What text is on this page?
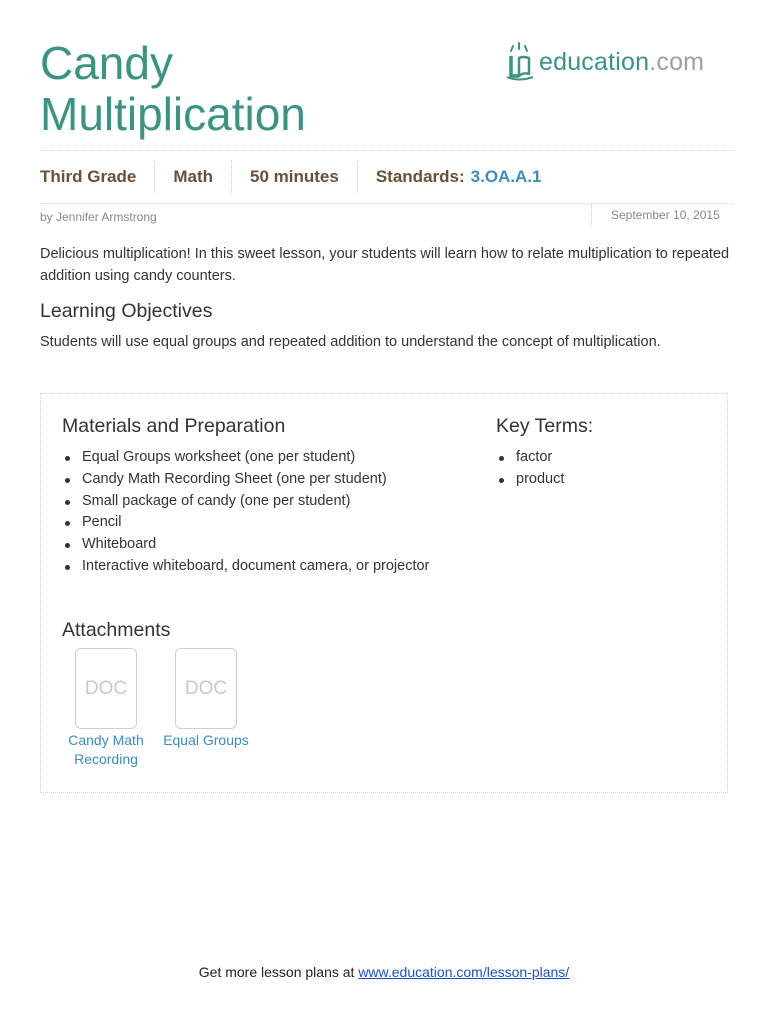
Candy
Multiplication
education.com
Third Grade Math 50 minutes Standards: 3.OA.A.1
by Jennifer Armstrong	September 10, 2015

Delicious multiplication! In this sweet lesson, your students will learn how to relate multiplication to repeated addition using candy counters.

Learning Objectives

Students will use equal groups and repeated addition to understand the concept of multiplication.

Materials and Preparation
Equal Groups worksheet (one per student)
Candy Math Recording Sheet (one per student)
Small package of candy (one per student)
Pencil
Whiteboard
Interactive whiteboard, document camera, or projector
Key Terms:
factor
product
Attachments
DOC
Candy Math Recording
DOC
Equal Groups
Get more lesson plans at www.education.com/lesson-plans/
